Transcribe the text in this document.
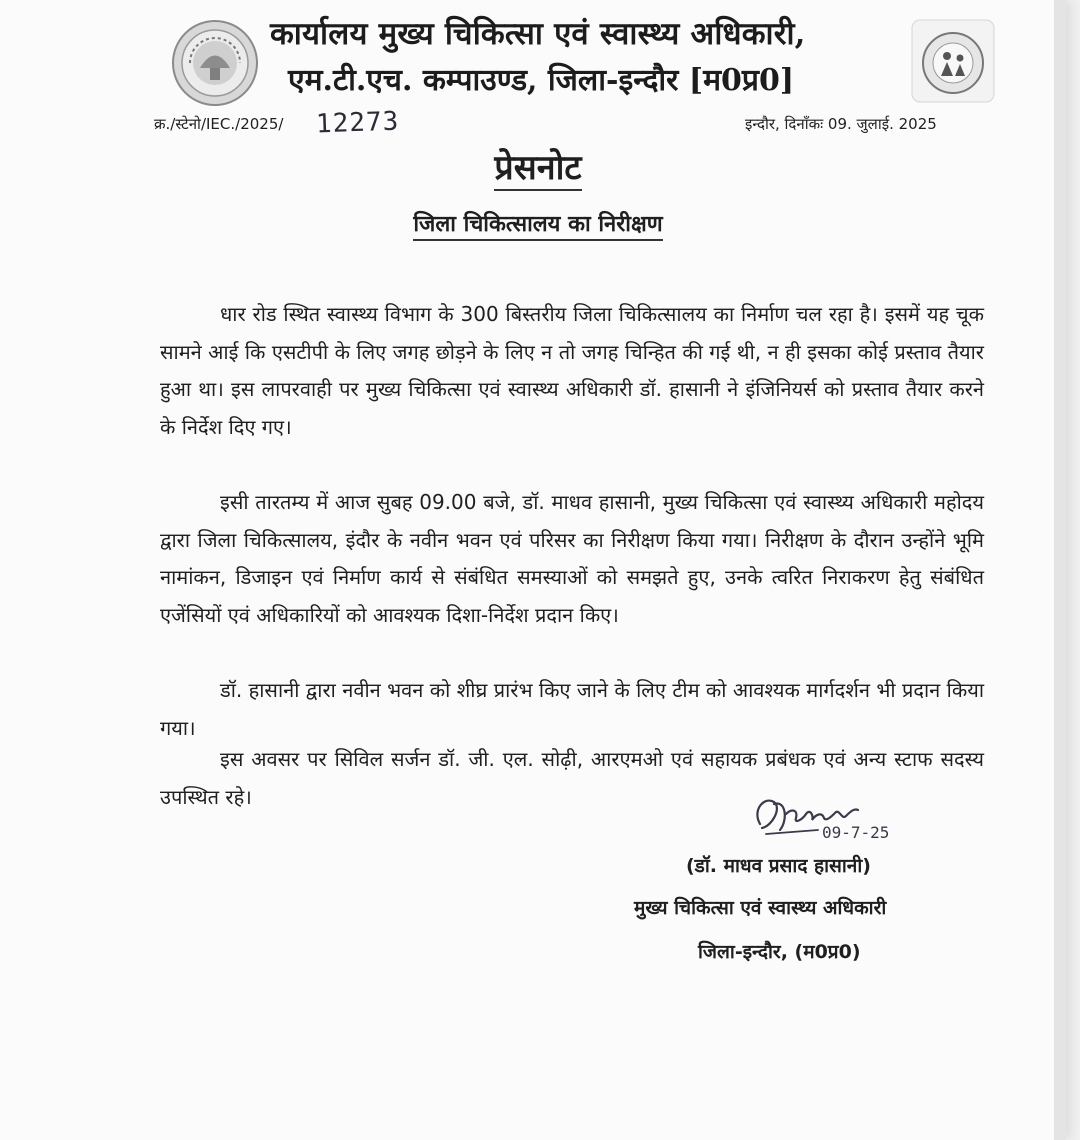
कार्यालय मुख्य चिकित्सा एवं स्वास्थ्य अधिकारी,
एम.टी.एच. कम्पाउण्ड, जिला-इन्दौर [म0प्र0]
क्र./स्टेनो/IEC./2025/ 12273	इन्दौर, दिनाँकः 09. जुलाई. 2025
प्रेसनोट
जिला चिकित्सालय का निरीक्षण

धार रोड स्थित स्वास्थ्य विभाग के 300 बिस्तरीय जिला चिकित्सालय का निर्माण चल रहा है। इसमें यह चूक सामने आई कि एसटीपी के लिए जगह छोड़ने के लिए न तो जगह चिन्हित की गई थी, न ही इसका कोई प्रस्ताव तैयार हुआ था। इस लापरवाही पर मुख्य चिकित्सा एवं स्वास्थ्य अधिकारी डॉ. हासानी ने इंजिनियर्स को प्रस्ताव तैयार करने के निर्देश दिए गए।

इसी तारतम्य में आज सुबह 09.00 बजे, डॉ. माधव हासानी, मुख्य चिकित्सा एवं स्वास्थ्य अधिकारी महोदय द्वारा जिला चिकित्सालय, इंदौर के नवीन भवन एवं परिसर का निरीक्षण किया गया। निरीक्षण के दौरान उन्होंने भूमि नामांकन, डिजाइन एवं निर्माण कार्य से संबंधित समस्याओं को समझते हुए, उनके त्वरित निराकरण हेतु संबंधित एजेंसियों एवं अधिकारियों को आवश्यक दिशा-निर्देश प्रदान किए।

डॉ. हासानी द्वारा नवीन भवन को शीघ्र प्रारंभ किए जाने के लिए टीम को आवश्यक मार्गदर्शन भी प्रदान किया गया।

इस अवसर पर सिविल सर्जन डॉ. जी. एल. सोढ़ी, आरएमओ एवं सहायक प्रबंधक एवं अन्य स्टाफ सदस्य उपस्थित रहे।

09-7-25
(डॉ. माधव प्रसाद हासानी)
मुख्य चिकित्सा एवं स्वास्थ्य अधिकारी
जिला-इन्दौर, (म0प्र0)
